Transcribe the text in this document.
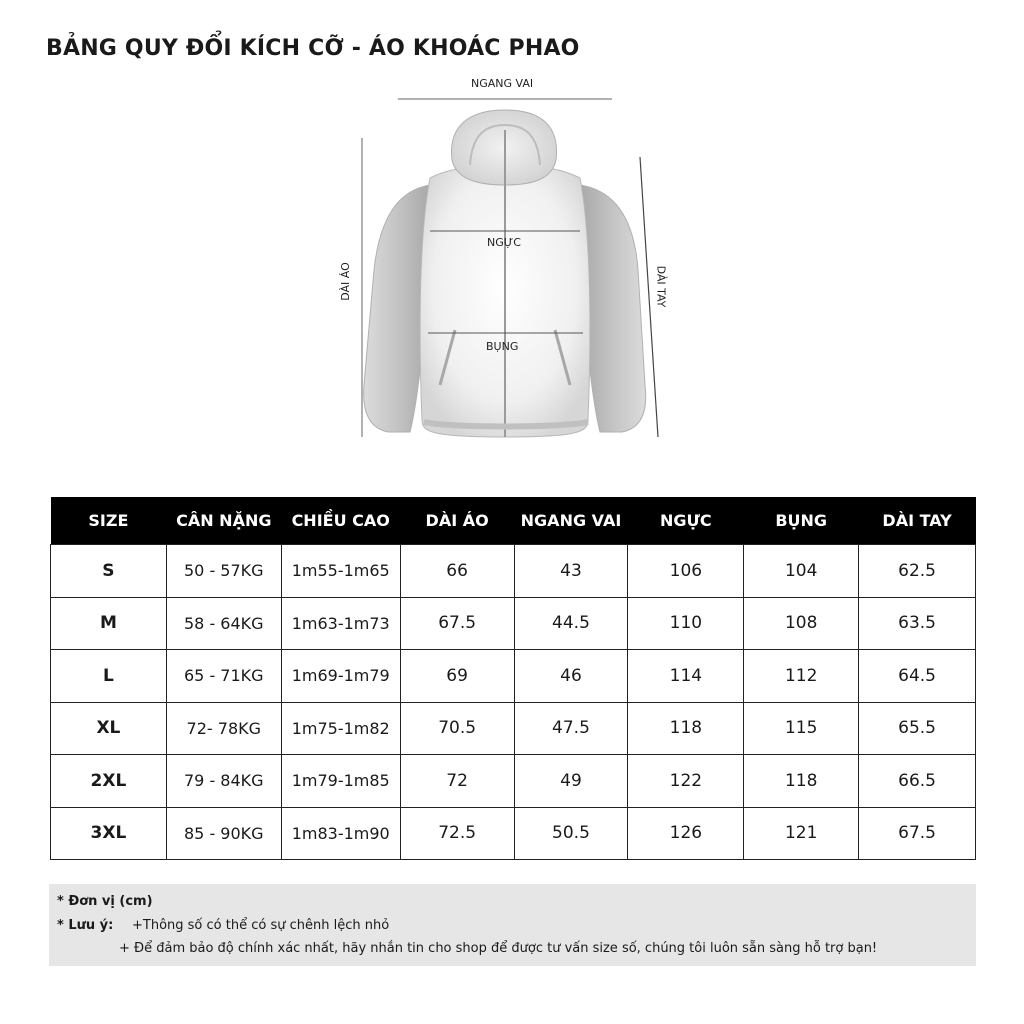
BẢNG QUY ĐỔI KÍCH CỠ - ÁO KHOÁC PHAO
NGANG VAI
NGỰC
BỤNG
DÀI ÁO	DÀI TAY
SIZE	CÂN NẶNG	CHIỀU CAO	DÀI ÁO	NGANG VAI	NGỰC	BỤNG	DÀI TAY
S	50 - 57KG	1m55-1m65	66	43	106	104	62.5
M	58 - 64KG	1m63-1m73	67.5	44.5	110	108	63.5
L	65 - 71KG	1m69-1m79	69	46	114	112	64.5
XL	72- 78KG	1m75-1m82	70.5	47.5	118	115	65.5
2XL	79 - 84KG	1m79-1m85	72	49	122	118	66.5
3XL	85 - 90KG	1m83-1m90	72.5	50.5	126	121	67.5
* Đơn vị (cm)
* Lưu ý: +Thông số có thể có sự chênh lệch nhỏ
+ Để đảm bảo độ chính xác nhất, hãy nhắn tin cho shop để được tư vấn size số, chúng tôi luôn sẵn sàng hỗ trợ bạn!
